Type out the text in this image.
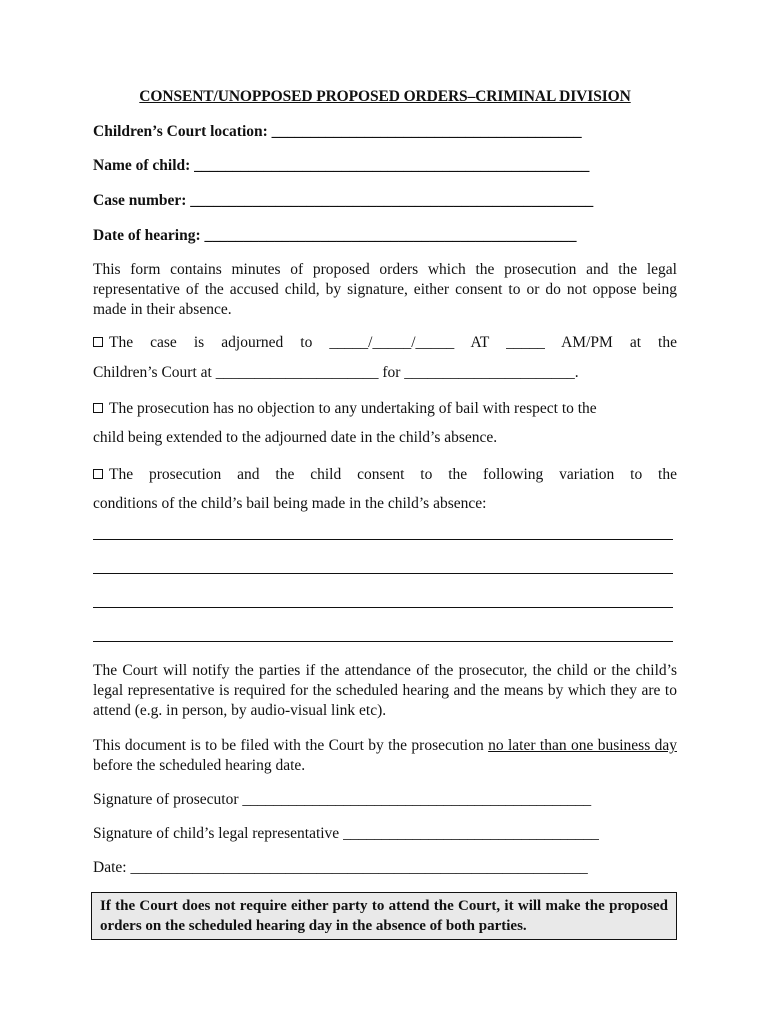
CONSENT/UNOPPOSED PROPOSED ORDERS–CRIMINAL DIVISION
Children’s Court location: ________________________________________
Name of child: ___________________________________________________
Case number: ____________________________________________________
Date of hearing: ________________________________________________
This form contains minutes of proposed orders which the prosecution and the legal representative of the accused child, by signature, either consent to or do not oppose being made in their absence.
The case is adjourned to _____/_____/_____ AT _____ AM/PM at the
Children’s Court at _____________________ for ______________________.
The prosecution has no objection to any undertaking of bail with respect to the
child being extended to the adjourned date in the child’s absence.
The prosecution and the child consent to the following variation to the
conditions of the child’s bail being made in the child’s absence:
The Court will notify the parties if the attendance of the prosecutor, the child or the child’s legal representative is required for the scheduled hearing and the means by which they are to attend (e.g. in person, by audio-visual link etc).
This document is to be filed with the Court by the prosecution no later than one business day before the scheduled hearing date.
Signature of prosecutor _____________________________________________
Signature of child’s legal representative _________________________________
Date: ___________________________________________________________
If the Court does not require either party to attend the Court, it will make the proposed orders on the scheduled hearing day in the absence of both parties.
